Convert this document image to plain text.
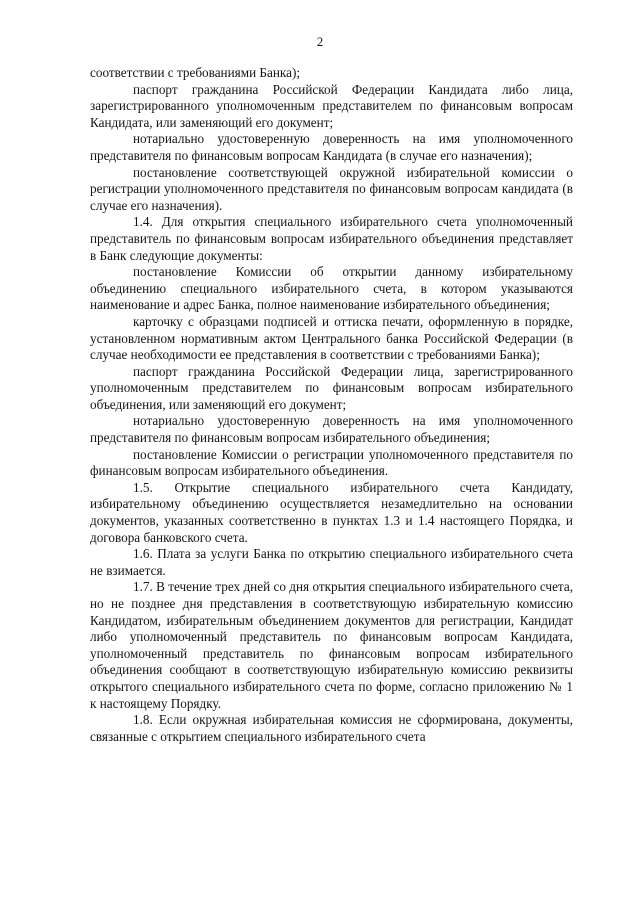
2

соответствии с требованиями Банка);

паспорт гражданина Российской Федерации Кандидата либо лица, зарегистрированного уполномоченным представителем по финансовым вопросам Кандидата, или заменяющий его документ;

нотариально удостоверенную доверенность на имя уполномоченного представителя по финансовым вопросам Кандидата (в случае его назначения);

постановление соответствующей окружной избирательной комиссии о регистрации уполномоченного представителя по финансовым вопросам кандидата (в случае его назначения).

1.4. Для открытия специального избирательного счета уполномоченный представитель по финансовым вопросам избирательного объединения представляет в Банк следующие документы:

постановление Комиссии об открытии данному избирательному объединению специального избирательного счета, в котором указываются наименование и адрес Банка, полное наименование избирательного объединения;

карточку с образцами подписей и оттиска печати, оформленную в порядке, установленном нормативным актом Центрального банка Российской Федерации (в случае необходимости ее представления в соответствии с требованиями Банка);

паспорт гражданина Российской Федерации лица, зарегистрированного уполномоченным представителем по финансовым вопросам избирательного объединения, или заменяющий его документ;

нотариально удостоверенную доверенность на имя уполномоченного представителя по финансовым вопросам избирательного объединения;

постановление Комиссии о регистрации уполномоченного представителя по финансовым вопросам избирательного объединения.

1.5. Открытие специального избирательного счета Кандидату, избирательному объединению осуществляется незамедлительно на основании документов, указанных соответственно в пунктах 1.3 и 1.4 настоящего Порядка, и договора банковского счета.

1.6. Плата за услуги Банка по открытию специального избирательного счета не взимается.

1.7. В течение трех дней со дня открытия специального избирательного счета, но не позднее дня представления в соответствующую избирательную комиссию Кандидатом, избирательным объединением документов для регистрации, Кандидат либо уполномоченный представитель по финансовым вопросам Кандидата, уполномоченный представитель по финансовым вопросам избирательного объединения сообщают в соответствующую избирательную комиссию реквизиты открытого специального избирательного счета по форме, согласно приложению № 1 к настоящему Порядку.

1.8. Если окружная избирательная комиссия не сформирована, документы, связанные с открытием специального избирательного счета
